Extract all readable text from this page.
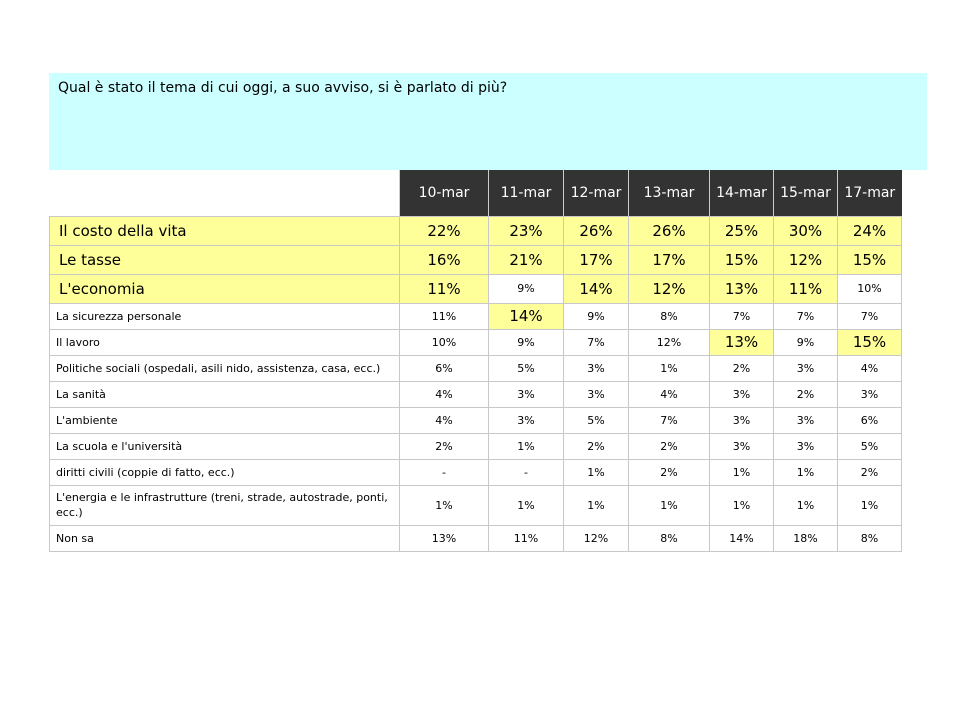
Qual è stato il tema di cui oggi, a suo avviso, si è parlato di più?
	10-mar	11-mar	12-mar	13-mar	14-mar	15-mar	17-mar
Il costo della vita	22%	23%	26%	26%	25%	30%	24%
Le tasse	16%	21%	17%	17%	15%	12%	15%
L'economia	11%	9%	14%	12%	13%	11%	10%
La sicurezza personale	11%	14%	9%	8%	7%	7%	7%
Il lavoro	10%	9%	7%	12%	13%	9%	15%
Politiche sociali (ospedali, asili nido, assistenza, casa, ecc.)	6%	5%	3%	1%	2%	3%	4%
La sanità	4%	3%	3%	4%	3%	2%	3%
L'ambiente	4%	3%	5%	7%	3%	3%	6%
La scuola e l'università	2%	1%	2%	2%	3%	3%	5%
diritti civili (coppie di fatto, ecc.)	-	-	1%	2%	1%	1%	2%
L'energia e le infrastrutture (treni, strade, autostrade, ponti, ecc.)	1%	1%	1%	1%	1%	1%	1%
Non sa	13%	11%	12%	8%	14%	18%	8%
